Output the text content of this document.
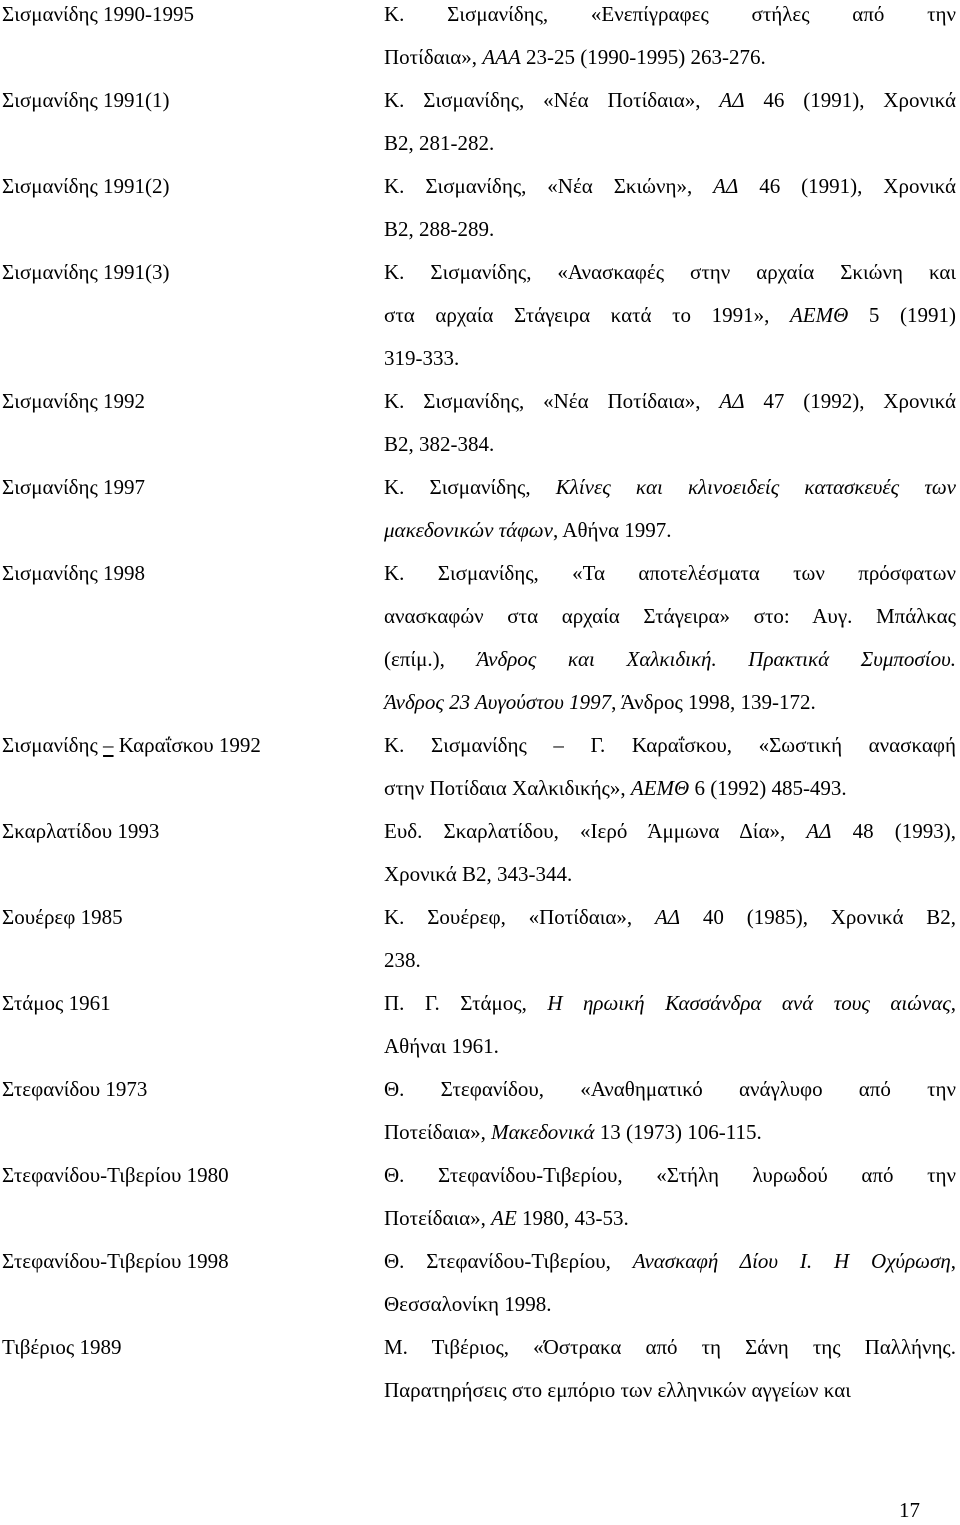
Σισμανίδης 1990-1995	Κ. Σισμανίδης, «Ενεπίγραφες στήλες από την
Ποτίδαια», ΑΑΑ 23-25 (1990-1995) 263-276.
Σισμανίδης 1991(1)	Κ. Σισμανίδης, «Νέα Ποτίδαια», ΑΔ 46 (1991), Χρονικά
Β2, 281-282.
Σισμανίδης 1991(2)	Κ. Σισμανίδης, «Νέα Σκιώνη», ΑΔ 46 (1991), Χρονικά
Β2, 288-289.
Σισμανίδης 1991(3)	Κ. Σισμανίδης, «Ανασκαφές στην αρχαία Σκιώνη και
στα αρχαία Στάγειρα κατά το 1991», ΑΕΜΘ 5 (1991)
319-333.
Σισμανίδης 1992	Κ. Σισμανίδης, «Νέα Ποτίδαια», ΑΔ 47 (1992), Χρονικά
Β2, 382-384.
Σισμανίδης 1997	Κ. Σισμανίδης, Κλίνες και κλινοειδείς κατασκευές των
μακεδονικών τάφων, Αθήνα 1997.
Σισμανίδης 1998	Κ. Σισμανίδης, «Τα αποτελέσματα των πρόσφατων
ανασκαφών στα αρχαία Στάγειρα» στο: Αυγ. Μπάλκας
(επίμ.), Άνδρος και Χαλκιδική. Πρακτικά Συμποσίου.
Άνδρος 23 Αυγούστου 1997, Άνδρος 1998, 139-172.
Σισμανίδης – Καραΐσκου 1992	Κ. Σισμανίδης – Γ. Καραΐσκου, «Σωστική ανασκαφή
στην Ποτίδαια Χαλκιδικής», ΑΕΜΘ 6 (1992) 485-493.
Σκαρλατίδου 1993	Ευδ. Σκαρλατίδου, «Ιερό Άμμωνα Δία», ΑΔ 48 (1993),
Χρονικά Β2, 343-344.
Σουέρεφ 1985	Κ. Σουέρεφ, «Ποτίδαια», ΑΔ 40 (1985), Χρονικά Β2,
238.
Στάμος 1961	Π. Γ. Στάμος, Η ηρωική Κασσάνδρα ανά τους αιώνας,
Αθήναι 1961.
Στεφανίδου 1973	Θ. Στεφανίδου, «Αναθηματικό ανάγλυφο από την
Ποτείδαια», Μακεδονικά 13 (1973) 106-115.
Στεφανίδου-Τιβερίου 1980	Θ. Στεφανίδου-Τιβερίου, «Στήλη λυρωδού από την
Ποτείδαια», ΑΕ 1980, 43-53.
Στεφανίδου-Τιβερίου 1998	Θ. Στεφανίδου-Τιβερίου, Ανασκαφή Δίου Ι. Η Οχύρωση,
Θεσσαλονίκη 1998.
Τιβέριος 1989	Μ. Τιβέριος, «Όστρακα από τη Σάνη της Παλλήνης.
Παρατηρήσεις στο εμπόριο των ελληνικών αγγείων και
17
